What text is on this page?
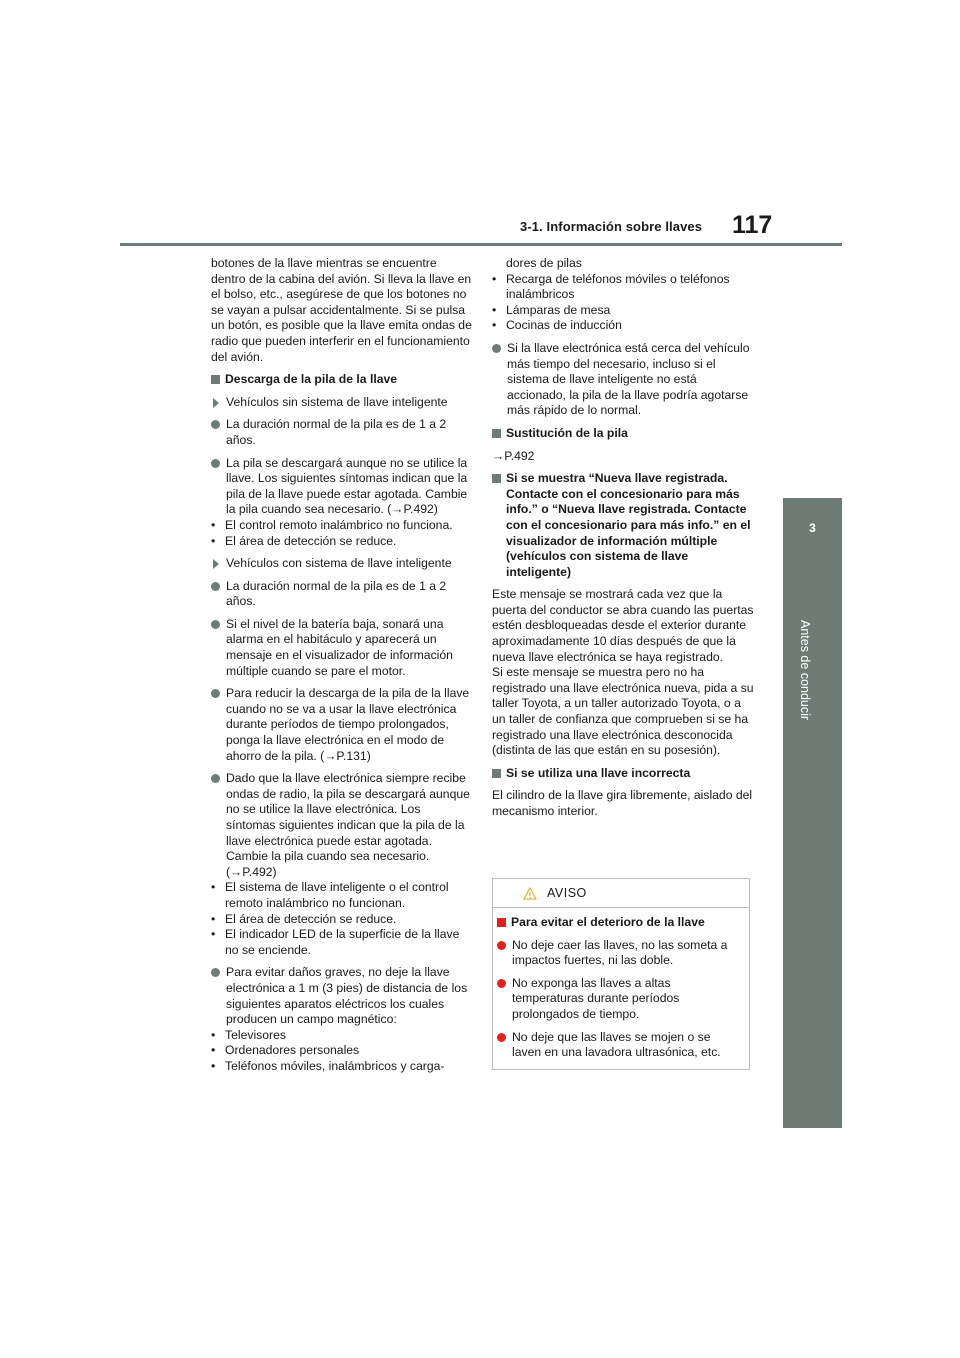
3-1. Información sobre llaves 117
3
Antes de conducir

botones de la llave mientras se encuentre dentro de la cabina del avión. Si lleva la llave en el bolso, etc., asegúrese de que los botones no se vayan a pulsar accidentalmente. Si se pulsa un botón, es posible que la llave emita ondas de radio que pueden interferir en el funcionamiento del avión.

Descarga de la pila de la llave
Vehículos sin sistema de llave inteligente
La duración normal de la pila es de 1 a 2 años.
La pila se descargará aunque no se utilice la llave. Los siguientes síntomas indican que la pila de la llave puede estar agotada. Cambie la pila cuando sea necesario. (→P.492)
• El control remoto inalámbrico no funciona.
• El área de detección se reduce.
Vehículos con sistema de llave inteligente
La duración normal de la pila es de 1 a 2 años.
Si el nivel de la batería baja, sonará una alarma en el habitáculo y aparecerá un mensaje en el visualizador de información múltiple cuando se pare el motor.
Para reducir la descarga de la pila de la llave cuando no se va a usar la llave electrónica durante períodos de tiempo prolongados, ponga la llave electrónica en el modo de ahorro de la pila. (→P.131)
Dado que la llave electrónica siempre recibe ondas de radio, la pila se descargará aunque no se utilice la llave electrónica. Los síntomas siguientes indican que la pila de la llave electrónica puede estar agotada. Cambie la pila cuando sea necesario. (→P.492)
• El sistema de llave inteligente o el control remoto inalámbrico no funcionan.
• El área de detección se reduce.
• El indicador LED de la superficie de la llave no se enciende.
Para evitar daños graves, no deje la llave electrónica a 1 m (3 pies) de distancia de los siguientes aparatos eléctricos los cuales producen un campo magnético:
• Televisores
• Ordenadores personales
• Teléfonos móviles, inalámbricos y carga-
dores de pilas
• Recarga de teléfonos móviles o teléfonos inalámbricos
• Lámparas de mesa
• Cocinas de inducción
Si la llave electrónica está cerca del vehículo más tiempo del necesario, incluso si el sistema de llave inteligente no está accionado, la pila de la llave podría agotarse más rápido de lo normal.
Sustitución de la pila

→P.492

Si se muestra “Nueva llave registrada. Contacte con el concesionario para más info.” o “Nueva llave registrada. Contacte con el concesionario para más info.” en el visualizador de información múltiple (vehículos con sistema de llave inteligente)

Este mensaje se mostrará cada vez que la puerta del conductor se abra cuando las puertas estén desbloqueadas desde el exterior durante aproximadamente 10 días después de que la nueva llave electrónica se haya registrado.

Si este mensaje se muestra pero no ha registrado una llave electrónica nueva, pida a su taller Toyota, a un taller autorizado Toyota, o a un taller de confianza que comprueben si se ha registrado una llave electrónica desconocida (distinta de las que están en su posesión).

Si se utiliza una llave incorrecta

El cilindro de la llave gira libremente, aislado del mecanismo interior.

AVISO
Para evitar el deterioro de la llave
No deje caer las llaves, no las someta a impactos fuertes, ni las doble.
No exponga las llaves a altas temperaturas durante períodos prolongados de tiempo.
No deje que las llaves se mojen o se laven en una lavadora ultrasónica, etc.
